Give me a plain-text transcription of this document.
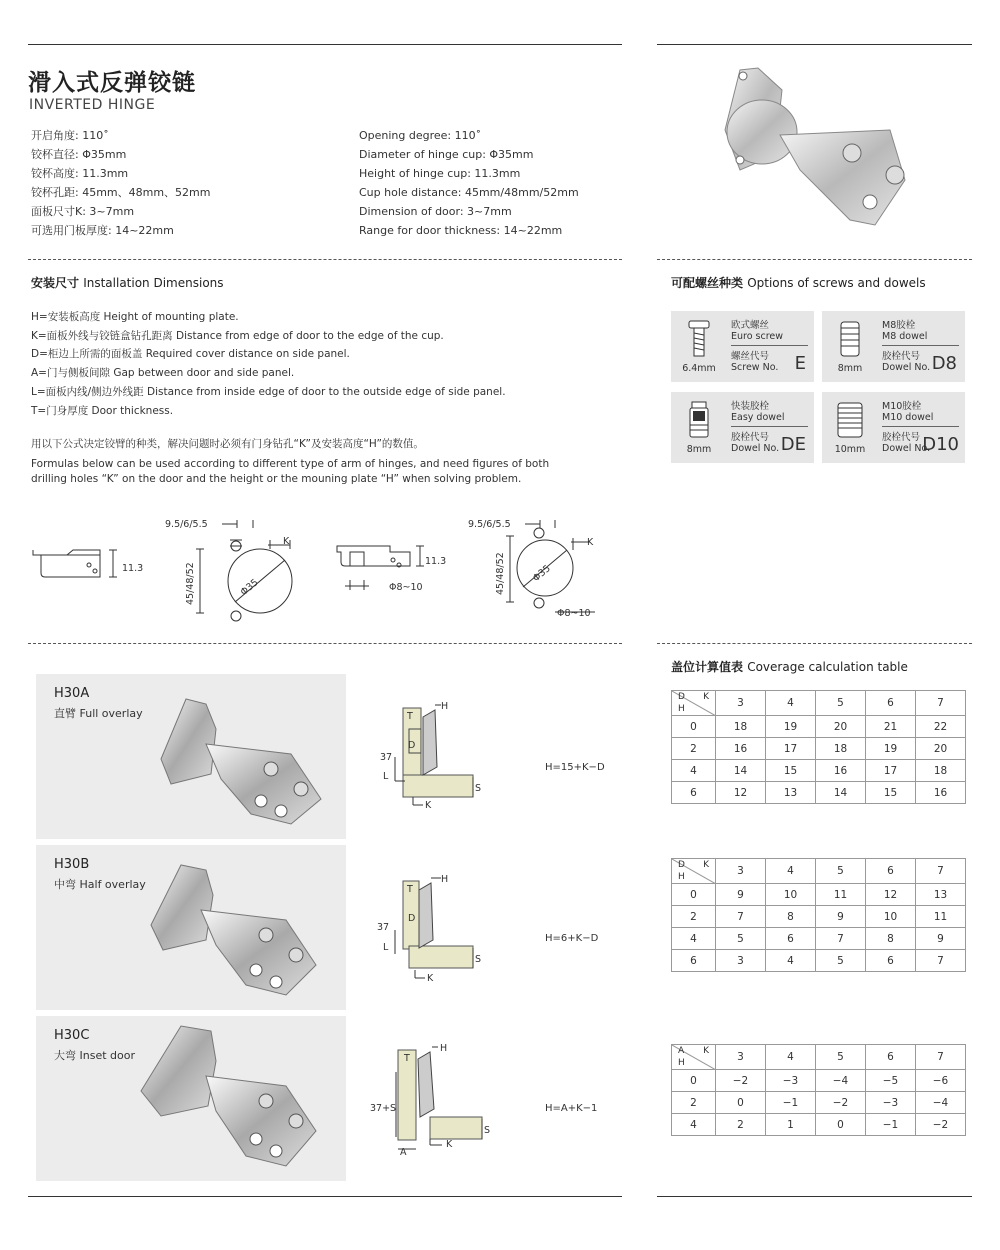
滑入式反弹铰链
INVERTED HINGE
开启角度: 110˚
铰杯直径: Φ35mm
铰杯高度: 11.3mm
铰杯孔距: 45mm、48mm、52mm
面板尺寸K: 3~7mm
可选用门板厚度: 14~22mm
Opening degree: 110˚
Diameter of hinge cup: Φ35mm
Height of hinge cup: 11.3mm
Cup hole distance: 45mm/48mm/52mm
Dimension of door: 3~7mm
Range for door thickness: 14~22mm
安装尺寸 Installation Dimensions
H=安装板高度 Height of mounting plate.
K=面板外线与铰链盒钻孔距离 Distance from edge of door to the edge of the cup.
D=柜边上所需的面板盖 Required cover distance on side panel.
A=门与侧板间隙 Gap between door and side panel.
L=面板内线/侧边外线距 Distance from inside edge of door to the outside edge of side panel.
T=门身厚度 Door thickness.
用以下公式决定铰臂的种类，解决问题时必须有门身钻孔“K”及安装高度“H”的数值。
Formulas below can be used according to different type of arm of hinges, and need figures of both
drilling holes “K” on the door and the height or the mouning plate “H” when solving problem.
11.3
9.5/6/5.5
45/48/52	Φ35
K
11.3
Φ8~10
9.5/6/5.5
45/48/52	Φ35
K
Φ8~10
可配螺丝种类 Options of screws and dowels
6.4mm
欧式螺丝
Euro screw
螺丝代号
Screw No. E	8mm
M8胶栓
M8 dowel
胶栓代号
Dowel No. D8
8mm
快装胶栓
Easy dowel
胶栓代号
Dowel No. DE	10mm
M10胶栓
M10 dowel
胶栓代号
Dowel No.
D10
盖位计算值表 Coverage calculation table
H30A
直臂 Full overlay
H30B
中弯 Half overlay
H30C
大弯 Inset door
T
H
D
37
L
S
K
T
H
D
37
L
S
K
T
H
37+S
S
K
A
H=15+K−D
H=6+K−D
H=A+K−1
D K
H	3	4	5	6	7
0	18	19	20	21	22
2	16	17	18	19	20
4	14	15	16	17	18
6	12	13	14	15	16
D K
H	3	4	5	6	7
0	9	10	11	12	13
2	7	8	9	10	11
4	5	6	7	8	9
6	3	4	5	6	7
A K
H	3	4	5	6	7
0	−2	−3	−4	−5	−6
2	0	−1	−2	−3	−4
4	2	1	0	−1	−2
